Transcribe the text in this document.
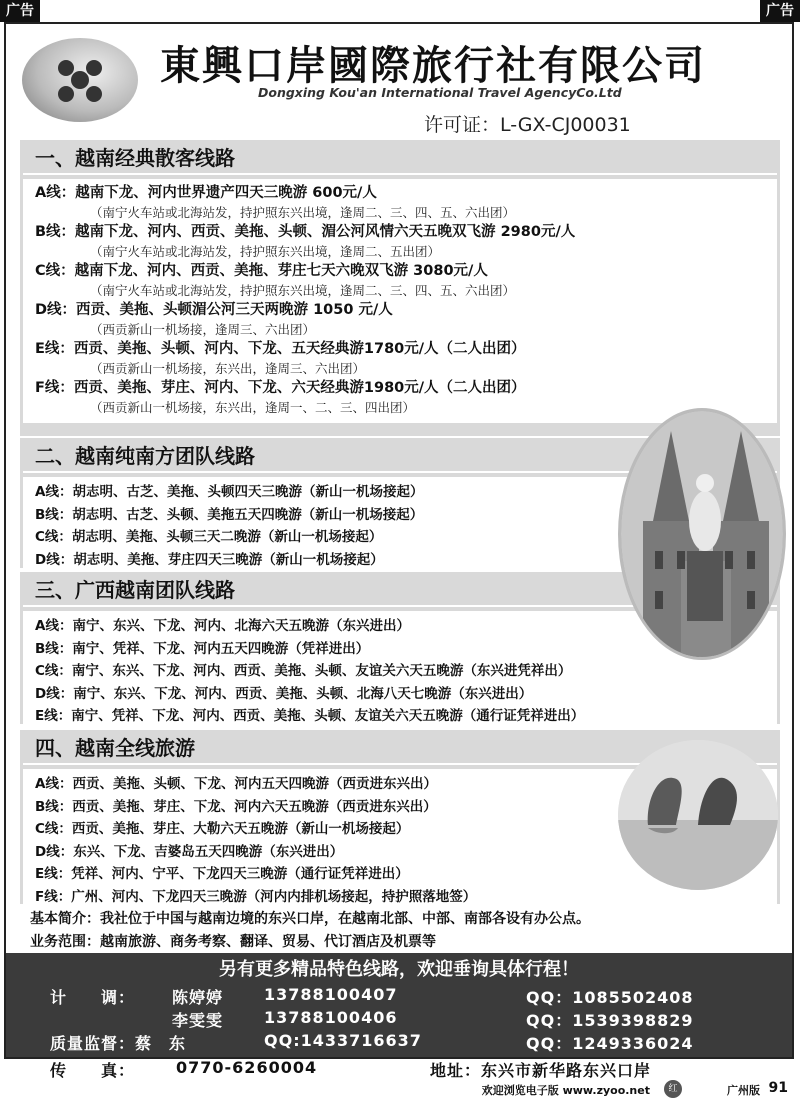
广告	广告
東興口岸國際旅行社有限公司
Dongxing Kou'an International Travel AgencyCo.Ltd
许可证：L-GX-CJ00031
一、越南经典散客线路
A线：越南下龙、河内世界遗产四天三晚游 600元/人
（南宁火车站或北海站发，持护照东兴出境，逢周二、三、四、五、六出团）
B线：越南下龙、河内、西贡、美拖、头顿、湄公河风情六天五晚双飞游 2980元/人
（南宁火车站或北海站发，持护照东兴出境，逢周二、五出团）
C线：越南下龙、河内、西贡、美拖、芽庄七天六晚双飞游 3080元/人
（南宁火车站或北海站发，持护照东兴出境，逢周二、三、四、五、六出团）
D线：西贡、美拖、头顿湄公河三天两晚游 1050 元/人
（西贡新山一机场接，逢周三、六出团）
E线：西贡、美拖、头顿、河内、下龙、五天经典游1780元/人（二人出团）
（西贡新山一机场接，东兴出，逢周三、六出团）
F线：西贡、美拖、芽庄、河内、下龙、六天经典游1980元/人（二人出团）
（西贡新山一机场接，东兴出，逢周一、二、三、四出团）
二、越南纯南方团队线路
A线：胡志明、古芝、美拖、头顿四天三晚游（新山一机场接起）
B线：胡志明、古芝、头顿、美拖五天四晚游（新山一机场接起）
C线：胡志明、美拖、头顿三天二晚游（新山一机场接起）
D线：胡志明、美拖、芽庄四天三晚游（新山一机场接起）
三、广西越南团队线路
A线：南宁、东兴、下龙、河内、北海六天五晚游（东兴进出）
B线：南宁、凭祥、下龙、河内五天四晚游（凭祥进出）
C线：南宁、东兴、下龙、河内、西贡、美拖、头顿、友谊关六天五晚游（东兴进凭祥出）
D线：南宁、东兴、下龙、河内、西贡、美拖、头顿、北海八天七晚游（东兴进出）
E线：南宁、凭祥、下龙、河内、西贡、美拖、头顿、友谊关六天五晚游（通行证凭祥进出）
四、越南全线旅游
A线：西贡、美拖、头顿、下龙、河内五天四晚游（西贡进东兴出）
B线：西贡、美拖、芽庄、下龙、河内六天五晚游（西贡进东兴出）
C线：西贡、美拖、芽庄、大勒六天五晚游（新山一机场接起）
D线：东兴、下龙、吉婆岛五天四晚游（东兴进出）
E线：凭祥、河内、宁平、下龙四天三晚游（通行证凭祥进出）
F线：广州、河内、下龙四天三晚游（河内内排机场接起，持护照落地签）
基本简介：我社位于中国与越南边境的东兴口岸，在越南北部、中部、南部各设有办公点。
业务范围：越南旅游、商务考察、翻译、贸易、代订酒店及机票等
另有更多精品特色线路，欢迎垂询具体行程！
计　　调： 陈婷婷	13788100407	QQ：1085502408
李雯雯	13788100406	QQ：1539398829
质量监督：蔡　东	QQ:1433716637	QQ：1249336024
传　　真：	0770-6260004	地址：东兴市新华路东兴口岸
欢迎浏览电子版 www.zyoo.net	红	广州版 91
